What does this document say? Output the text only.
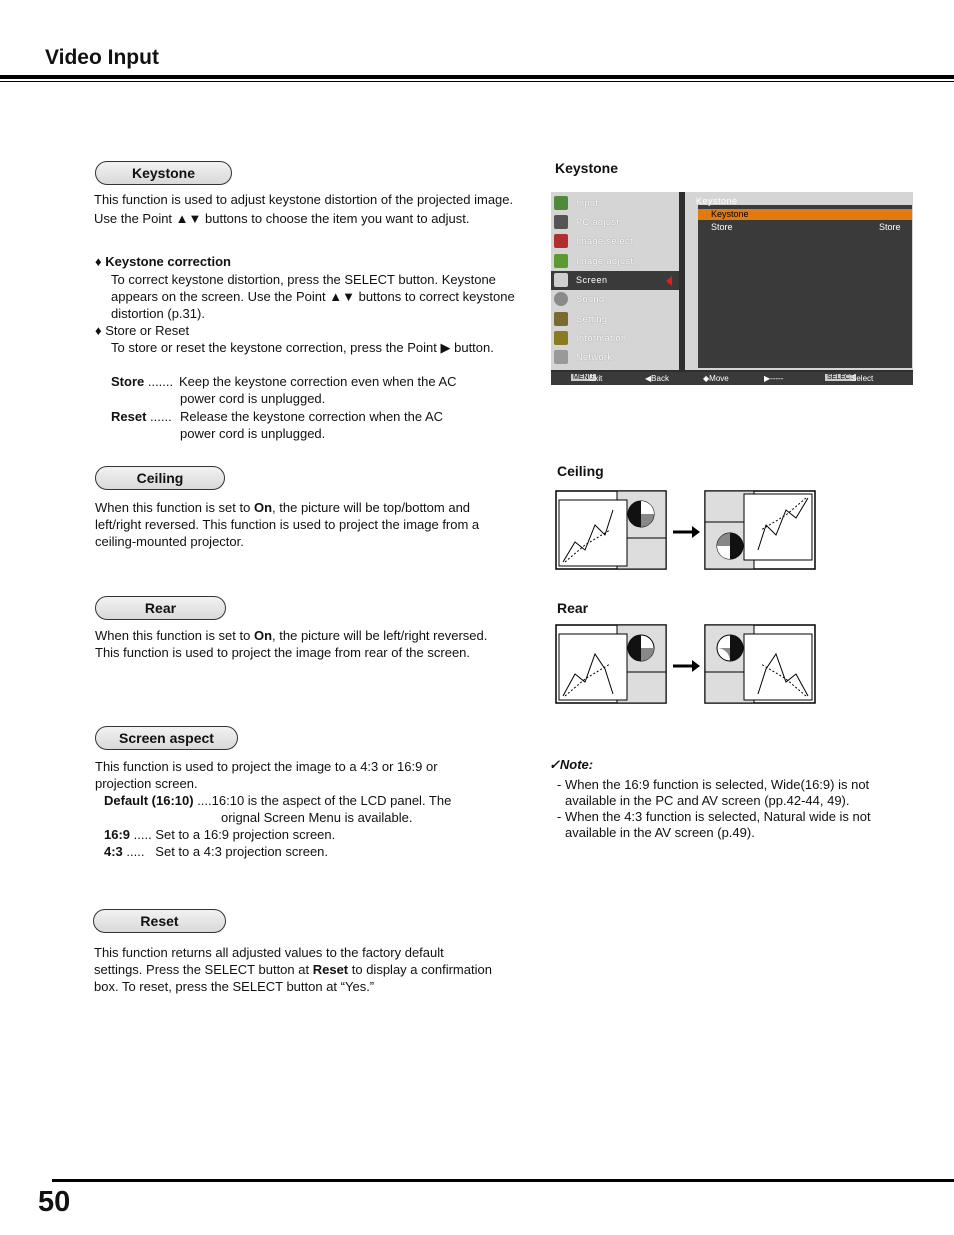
Video Input
Keystone
This function is used to adjust keystone distortion of the projected image. Use the Point ▲▼ buttons to choose the item you want to adjust.
♦ Keystone correction
To correct keystone distortion, press the SELECT button. Keystone appears on the screen. Use the Point ▲▼ buttons to correct keystone distortion (p.31).
♦ Store or Reset
To store or reset the keystone correction, press the Point ▶ button.
Store ....... Keep the keystone correction even when the AC power cord is unplugged.
Reset ...... Release the keystone correction when the AC power cord is unplugged.
Keystone
Input
PC adjust
Image select
Image adjust
Screen
Sound
Setting
Information
Network
Keystone
Keystone
Store	Store
MENU
Exit	◀Back	◆Move	▶-----	SELECT
Select
Ceiling
When this function is set to On, the picture will be top/bottom and left/right reversed. This function is used to project the image from a ceiling-mounted projector.
Ceiling
Rear
When this function is set to On, the picture will be left/right reversed. This function is used to project the image from rear of the screen.
Rear
Screen aspect
This function is used to project the image to a 4:3 or 16:9 or projection screen.
Default (16:10) ....16:10 is the aspect of the LCD panel. The
orignal Screen Menu is available.
16:9 ..... Set to a 16:9 projection screen.
4:3 .....   Set to a 4:3 projection screen.
✓Note:
- When the 16:9 function is selected, Wide(16:9) is not available in the PC and AV screen (pp.42-44, 49).
- When the 4:3 function is selected, Natural wide is not available in the AV screen (p.49).
Reset
This function returns all adjusted values to the factory default settings. Press the SELECT button at Reset to display a confirmation box. To reset, press the SELECT button at “Yes.”
50
